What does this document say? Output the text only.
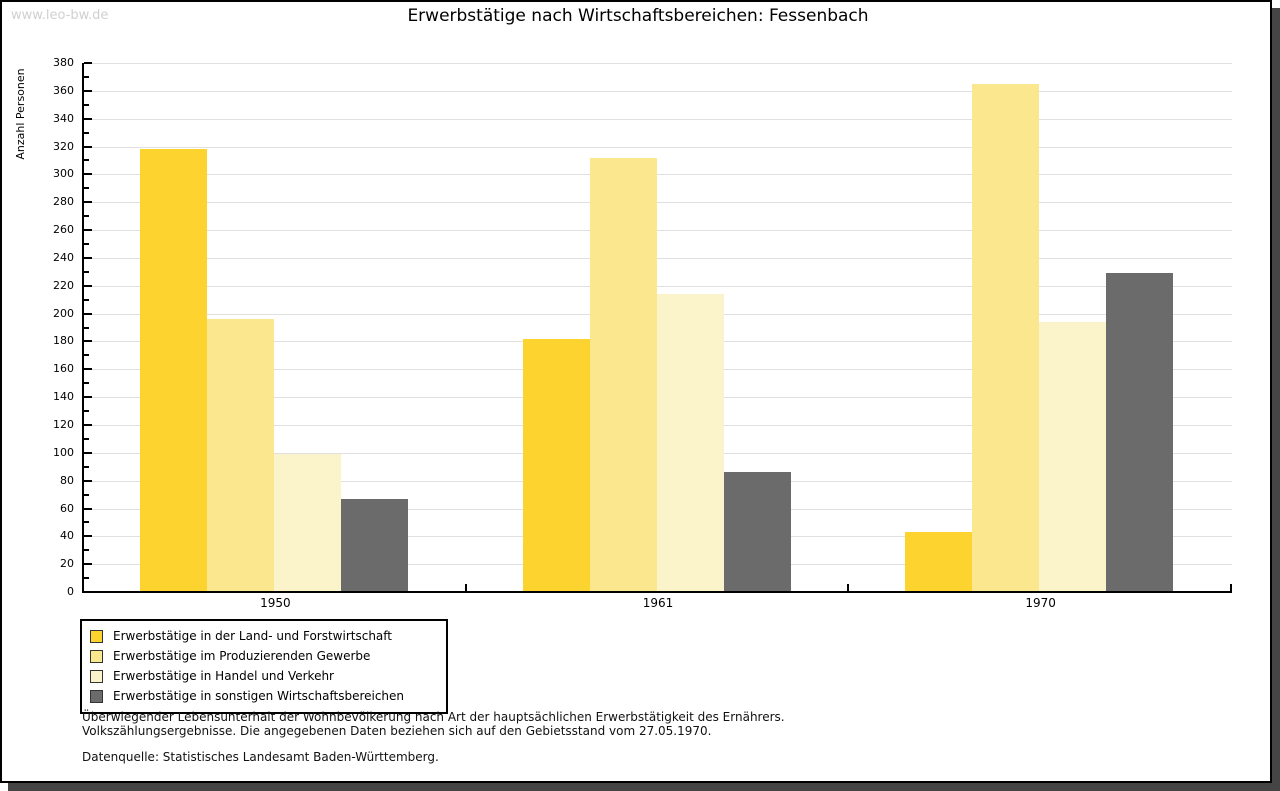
www.leo-bw.de	Erwerbstätige nach Wirtschaftsbereichen: Fessenbach
Anzahl Personen
0
20
40
60
80
100
120
140
160
180
200
220
240
260
280
300
320
340
360
380
1950	1961	1970
Erwerbstätige in der Land- und Forstwirtschaft
Erwerbstätige im Produzierenden Gewerbe
Erwerbstätige in Handel und Verkehr
Erwerbstätige in sonstigen Wirtschaftsbereichen
Überwiegender Lebensunterhalt der Wohnbevölkerung nach Art der hauptsächlichen Erwerbstätigkeit des Ernährers.
Volkszählungsergebnisse. Die angegebenen Daten beziehen sich auf den Gebietsstand vom 27.05.1970.
Datenquelle: Statistisches Landesamt Baden-Württemberg.
